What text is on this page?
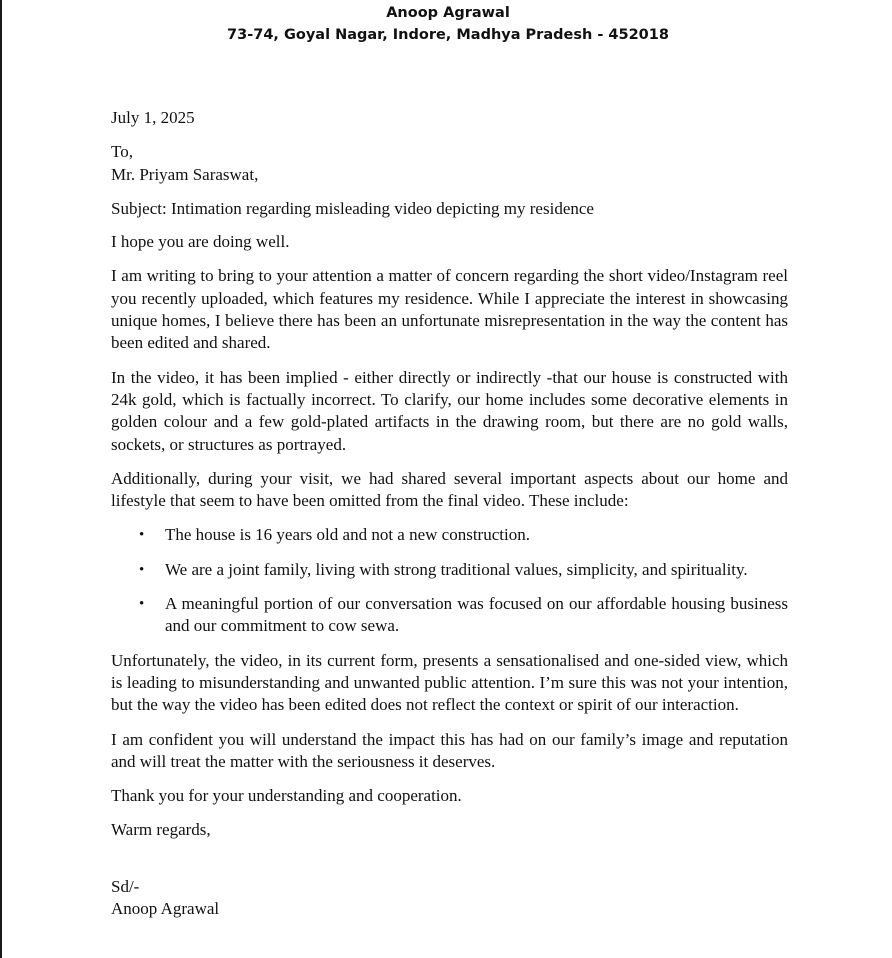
Anoop Agrawal
73-74, Goyal Nagar, Indore, Madhya Pradesh - 452018

July 1, 2025

To,

Mr. Priyam Saraswat,

Subject: Intimation regarding misleading video depicting my residence

I hope you are doing well.

I am writing to bring to your attention a matter of concern regarding the short video/Instagram reel you recently uploaded, which features my residence. While I appreciate the interest in showcasing unique homes, I believe there has been an unfortunate misrepresentation in the way the content has been edited and shared.

In the video, it has been implied - either directly or indirectly -that our house is constructed with 24k gold, which is factually incorrect. To clarify, our home includes some decorative elements in golden colour and a few gold-plated artifacts in the drawing room, but there are no gold walls, sockets, or structures as portrayed.

Additionally, during your visit, we had shared several important aspects about our home and lifestyle that seem to have been omitted from the final video. These include:

• The house is 16 years old and not a new construction.
• We are a joint family, living with strong traditional values, simplicity, and spirituality.
• A meaningful portion of our conversation was focused on our affordable housing business and our commitment to cow sewa.

Unfortunately, the video, in its current form, presents a sensationalised and one-sided view, which is leading to misunderstanding and unwanted public attention. I’m sure this was not your intention, but the way the video has been edited does not reflect the context or spirit of our interaction.

I am confident you will understand the impact this has had on our family’s image and reputation and will treat the matter with the seriousness it deserves.

Thank you for your understanding and cooperation.

Warm regards,

Sd/-

Anoop Agrawal
